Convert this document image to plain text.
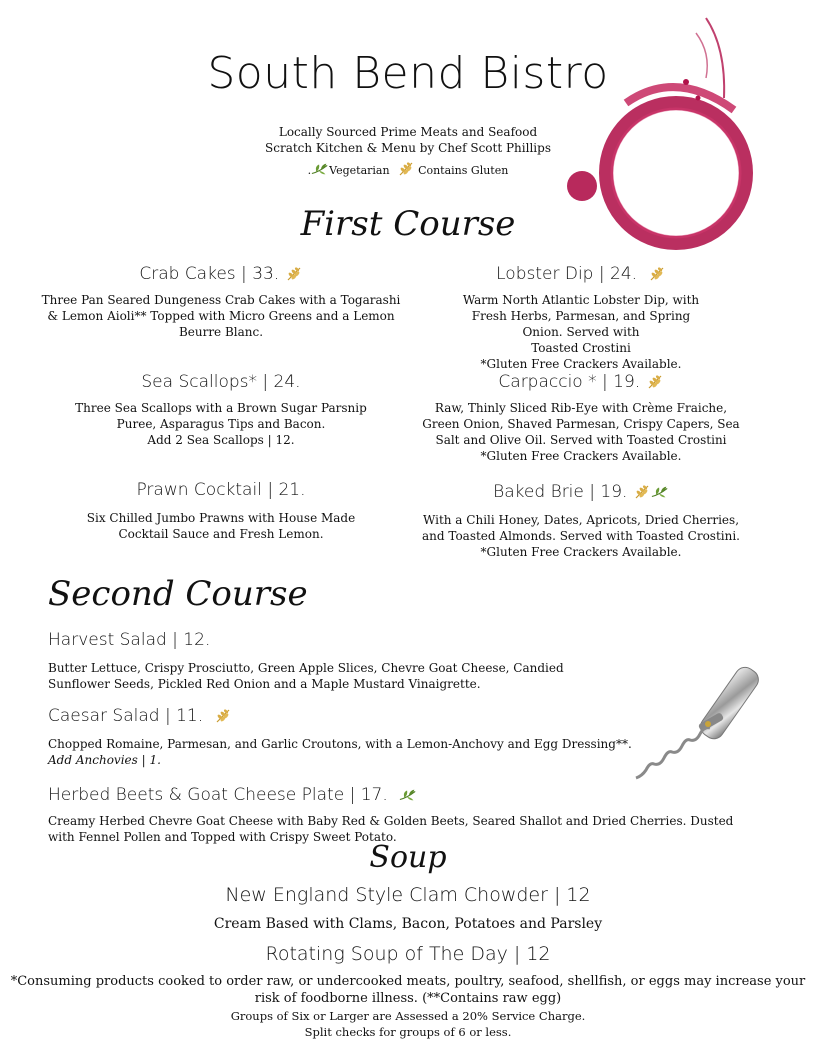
South Bend Bistro
Locally Sourced Prime Meats and Seafood
Scratch Kitchen & Menu by Chef Scott Phillips
. Vegetarian	Contains Gluten
First Course
Crab Cakes | 33.
Three Pan Seared Dungeness Crab Cakes with a Togarashi & Lemon Aioli** Topped with Micro Greens and a Lemon Beurre Blanc.
Lobster Dip | 24.
Warm North Atlantic Lobster Dip, with Fresh Herbs, Parmesan, and Spring Onion. Served with
Toasted Crostini
*Gluten Free Crackers Available.
Sea Scallops* | 24.
Three Sea Scallops with a Brown Sugar Parsnip Puree, Asparagus Tips and Bacon.
Add 2 Sea Scallops | 12.
Carpaccio * | 19.
Raw, Thinly Sliced Rib-Eye with Crème Fraiche,
Green Onion, Shaved Parmesan, Crispy Capers, Sea Salt and Olive Oil. Served with Toasted Crostini
*Gluten Free Crackers Available.
Prawn Cocktail | 21.
Six Chilled Jumbo Prawns with House Made Cocktail Sauce and Fresh Lemon.
Baked Brie | 19.
With a Chili Honey, Dates, Apricots, Dried Cherries, and Toasted Almonds. Served with Toasted Crostini.
*Gluten Free Crackers Available.
Second Course
Harvest Salad | 12.
Butter Lettuce, Crispy Prosciutto, Green Apple Slices, Chevre Goat Cheese, Candied Sunflower Seeds, Pickled Red Onion and a Maple Mustard Vinaigrette.
Caesar Salad | 11.
Chopped Romaine, Parmesan, and Garlic Croutons, with a Lemon-Anchovy and Egg Dressing**.
Add Anchovies | 1.
Herbed Beets & Goat Cheese Plate | 17.
Creamy Herbed Chevre Goat Cheese with Baby Red & Golden Beets, Seared Shallot and Dried Cherries. Dusted with Fennel Pollen and Topped with Crispy Sweet Potato.
Soup
New England Style Clam Chowder | 12
Cream Based with Clams, Bacon, Potatoes and Parsley
Rotating Soup of The Day | 12
*Consuming products cooked to order raw, or undercooked meats, poultry, seafood, shellfish, or eggs may increase your risk of foodborne illness. (**Contains raw egg)
Groups of Six or Larger are Assessed a 20% Service Charge.
Split checks for groups of 6 or less.
